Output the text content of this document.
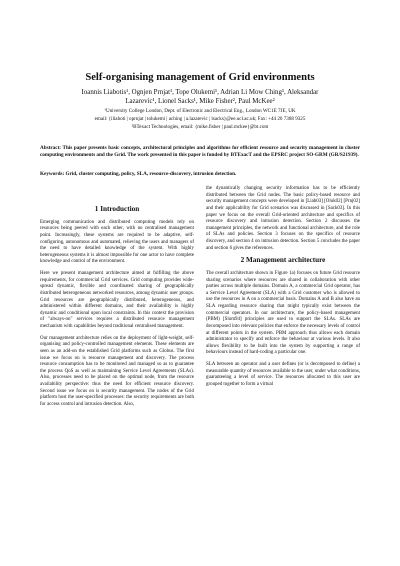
Self-organising management of Grid environments
Ioannis Liabotis¹, Ognjen Prnjat¹, Tope Olukemi¹, Adrian Li Mow Ching¹, Aleksandar
Lazarevic¹, Lionel Sacks¹, Mike Fisher², Paul McKee²
¹University College London, Dept. of Electronic and Electrical Eng., London WC1E 7JE, UK
email: {iliaboti | oprnjat | tolukemi | aching | a.lazarevic | lsacks}@ee.ucl.ac.uk; Fax: +44 20 7388 9325
²BTexact Technologies, email: {mike.fisher | paul.mckee}@bt.com
Abstract: This paper presents basic concepts, architectural principles and algorithms for efficient resource and security management in cluster computing environments and the Grid. The work presented in this paper is funded by BTExacT and the EPSRC project SO-GRM (GR/S21939).
Keywords: Grid, cluster computing, policy, SLA, resource-discovery, intrusion detection.
1 Introduction

Emerging communication and distributed computing models rely on resources being peered with each other, with no centralised management point. Increasingly, these systems are required to be adaptive, self-configuring, autonomous and automated, relieving the users and managers of the need to have detailed knowledge of the system. With highly heterogeneous systems it is almost impossible for one actor to have complete knowledge and control of the environment.

Here we present management architecture aimed at fulfilling the above requirements, for commercial Grid services. Grid computing provides wide-spread dynamic, flexible and coordinated sharing of geographically distributed heterogeneous networked resources, among dynamic user groups. Grid resources are geographically distributed, heterogeneous, and administered within different domains, and their availability is highly dynamic and conditional upon local constraints. In this context the provision of "always-on" services requires a distributed resource management mechanism with capabilities beyond traditional centralised management.

Our management architecture relies on the deployment of light-weight, self-organising and policy-controlled management elements. These elements are seen as an add-on the established Grid platforms such as Globus. The first issue we focus on is resource management and discovery. The process resource consumption has to be monitored and managed so as to guarantee the process QoS as well as maintaining Service Level Agreements (SLAs). Also, processes need to be placed on the optimal node, from the resource availability perspective: thus the need for efficient resource discovery. Second issue we focus on is security management. The nodes of the Grid platform host the user-specified processes: the security requirements are both for access control and intrusion detection. Also,

the dynamically changing security information has to be efficiently distributed between the Grid nodes. The basic policy-based resource and security management concepts were developed in [Liab03] [Oluk02] [Prnj02] and their applicability for Grid scenarios was discussed in [Sack03]. In this paper we focus on the overall Grid-oriented architecture and specifics of resource discovery and intrusion detection. Section 2 discusses the management principles, the network and functional architecture, and the role of SLAs and policies. Section 3 focuses on the specifics of resource discovery, and section 4 on intrusion detection. Section 5 concludes the paper and section 6 gives the references.

2 Management architecture

The overall architecture shown in Figure 1a) focuses on future Grid resource sharing scenarios where resources are shared in collaboration with other parties across multiple domains. Domain A, a commercial Grid operator, has a Service Level Agreement (SLA) with a Grid customer who is allowed to use the resources in A on a commercial basis. Domains A and B also have an SLA regarding resource sharing that might typically exist between the commercial operators. In our architecture, the policy-based management (PBM) [Slom94] principles are used to support the SLAs. SLAs are decomposed into relevant policies that enforce the necessary levels of control at different points in the system. PBM approach thus allows each domain administrator to specify and enforce the behaviour at various levels. It also allows flexibility to be built into the system by supporting a range of behaviours instead of hard-coding a particular one.

SLA between an operator and a user defines (or is decomposed to define) a measurable quantity of resources available to the user, under what conditions, guaranteeing a level of service. The resources allocated to this user are grouped together to form a virtual
